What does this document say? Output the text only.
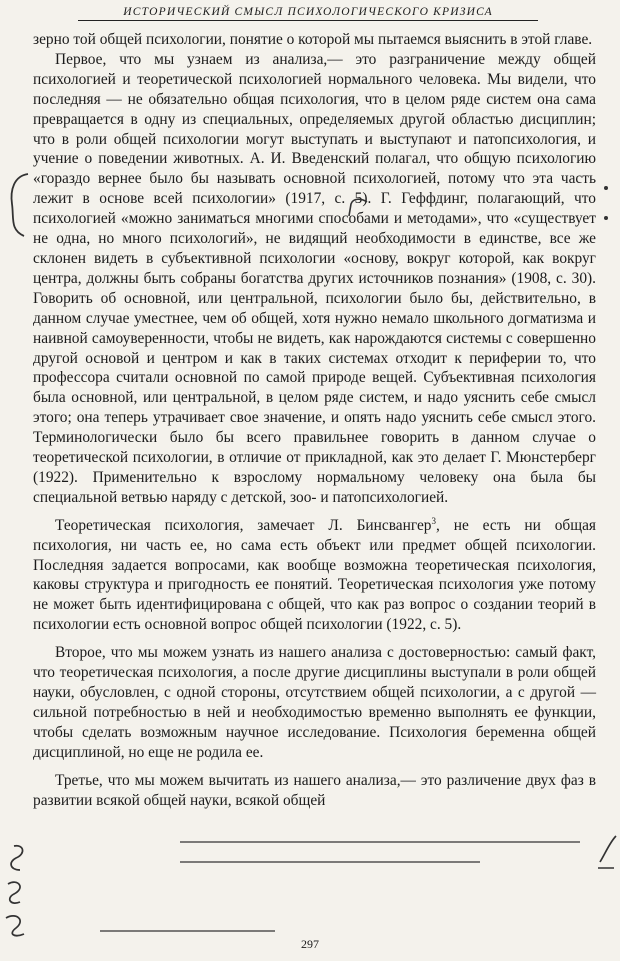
ИСТОРИЧЕСКИЙ СМЫСЛ ПСИХОЛОГИЧЕСКОГО КРИЗИСА

зерно той общей психологии, понятие о которой мы пытаемся выяснить в этой главе.

Первое, что мы узнаем из анализа,— это разграничение между общей психологией и теоретической психологией нормального человека. Мы видели, что последняя — не обязательно общая психология, что в целом ряде систем она сама превращается в одну из специальных, определяемых другой областью дисциплин; что в роли общей психологии могут выступать и выступают и патопсихология, и учение о поведении животных. А. И. Введенский полагал, что общую психологию «гораздо вернее было бы называть основной психологией, потому что эта часть лежит в основе всей психологии» (1917, с. 5). Г. Геффдинг, полагающий, что психологией «можно заниматься многими способами и методами», что «существует не одна, но много психологий», не видящий необходимости в единстве, все же склонен видеть в субъективной психологии «основу, вокруг которой, как вокруг центра, должны быть собраны богатства других источников познания» (1908, с. 30). Говорить об основной, или центральной, психологии было бы, действительно, в данном случае уместнее, чем об общей, хотя нужно немало школьного догматизма и наивной самоуверенности, чтобы не видеть, как нарождаются системы с совершенно другой основой и центром и как в таких системах отходит к периферии то, что профессора считали основной по самой природе вещей. Субъективная психология была основной, или центральной, в целом ряде систем, и надо уяснить себе смысл этого; она теперь утрачивает свое значение, и опять надо уяснить себе смысл этого. Терминологически было бы всего правильнее говорить в данном случае о теоретической психологии, в отличие от прикладной, как это делает Г. Мюнстерберг (1922). Применительно к взрослому нормальному человеку она была бы специальной ветвью наряду с детской, зоо- и патопсихологией.

Теоретическая психология, замечает Л. Бинсвангер$^3$, не есть ни общая психология, ни часть ее, но сама есть объект или предмет общей психологии. Последняя задается вопросами, как вообще возможна теоретическая психология, каковы структура и пригодность ее понятий. Теоретическая психология уже потому не может быть идентифицирована с общей, что как раз вопрос о создании теорий в психологии есть основной вопрос общей психологии (1922, с. 5).

Второе, что мы можем узнать из нашего анализа с достоверностью: самый факт, что теоретическая психология, а после другие дисциплины выступали в роли общей науки, обусловлен, с одной стороны, отсутствием общей психологии, а с другой — сильной потребностью в ней и необходимостью временно выполнять ее функции, чтобы сделать возможным научное исследование. Психология беременна общей дисциплиной, но еще не родила ее.

Третье, что мы можем вычитать из нашего анализа,— это различение двух фаз в развитии всякой общей науки, всякой общей

297
